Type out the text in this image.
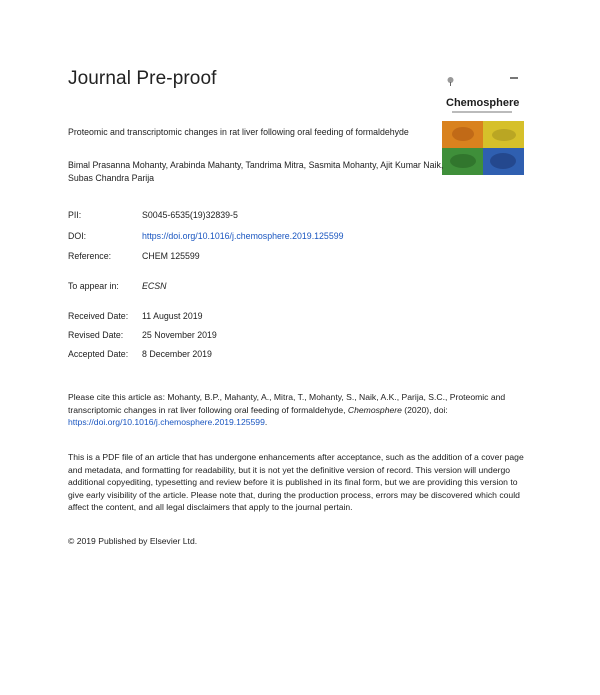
Journal Pre-proof
Chemosphere
Proteomic and transcriptomic changes in rat liver following oral feeding of formaldehyde
Bimal Prasanna Mohanty, Arabinda Mahanty, Tandrima Mitra, Sasmita Mohanty, Ajit Kumar Naik, Subas Chandra Parija
PII:	S0045-6535(19)32839-5
DOI:	https://doi.org/10.1016/j.chemosphere.2019.125599
Reference:	CHEM 125599
To appear in:	ECSN
Received Date: 11 August 2019
Revised Date: 25 November 2019
Accepted Date: 8 December 2019
Please cite this article as: Mohanty, B.P., Mahanty, A., Mitra, T., Mohanty, S., Naik, A.K., Parija, S.C., Proteomic and transcriptomic changes in rat liver following oral feeding of formaldehyde, Chemosphere (2020), doi: https://doi.org/10.1016/j.chemosphere.2019.125599.
This is a PDF file of an article that has undergone enhancements after acceptance, such as the addition of a cover page and metadata, and formatting for readability, but it is not yet the definitive version of record. This version will undergo additional copyediting, typesetting and review before it is published in its final form, but we are providing this version to give early visibility of the article. Please note that, during the production process, errors may be discovered which could affect the content, and all legal disclaimers that apply to the journal pertain.
© 2019 Published by Elsevier Ltd.
